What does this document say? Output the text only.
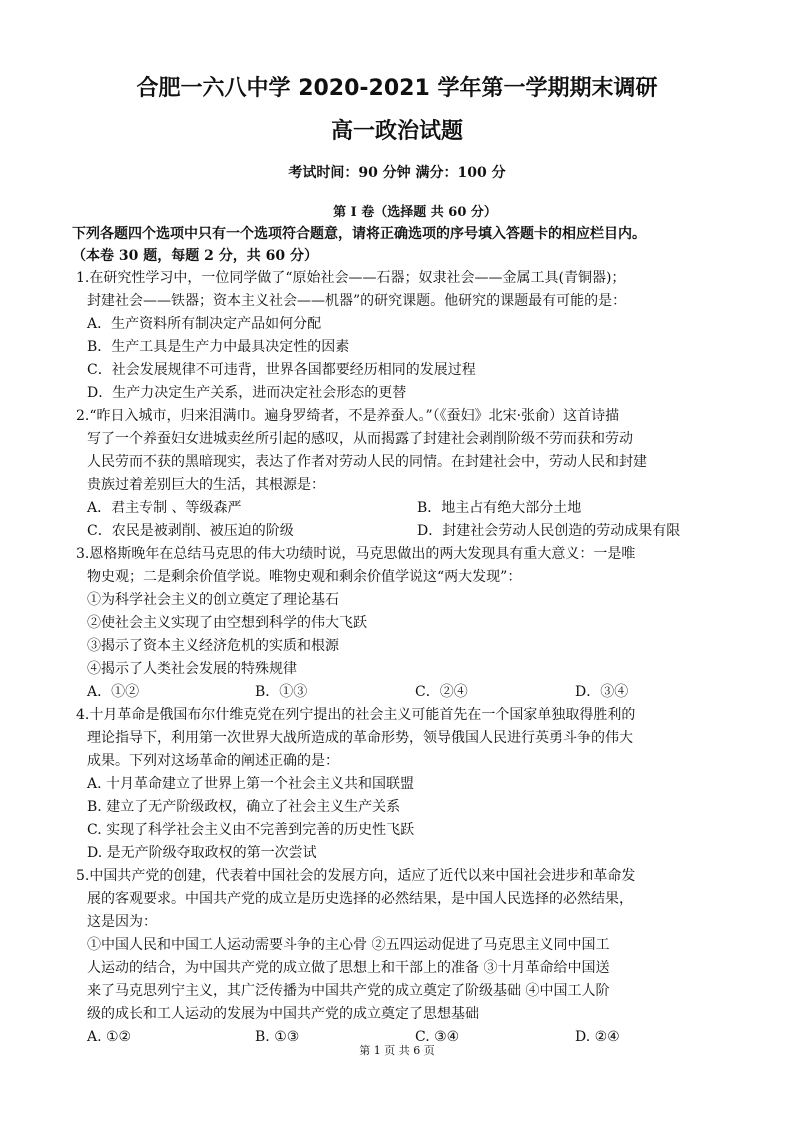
合肥一六八中学 2020-2021 学年第一学期期末调研
高一政治试题
考试时间：90 分钟 满分：100 分
第 I 卷（选择题 共 60 分）
下列各题四个选项中只有一个选项符合题意，请将正确选项的序号填入答题卡的相应栏目内。
（本卷 30 题，每题 2 分，共 60 分）
1.在研究性学习中，一位同学做了“原始社会——石器；奴隶社会——金属工具(青铜器)；
封建社会——铁器；资本主义社会——机器”的研究课题。他研究的课题最有可能的是：
A．生产资料所有制决定产品如何分配
B．生产工具是生产力中最具决定性的因素
C．社会发展规律不可违背，世界各国都要经历相同的发展过程
D．生产力决定生产关系，进而决定社会形态的更替
2.“昨日入城市，归来泪满巾。遍身罗绮者，不是养蚕人。”（《蚕妇》北宋·张俞）这首诗描
写了一个养蚕妇女进城卖丝所引起的感叹，从而揭露了封建社会剥削阶级不劳而获和劳动
人民劳而不获的黑暗现实，表达了作者对劳动人民的同情。在封建社会中，劳动人民和封建
贵族过着差别巨大的生活，其根源是：
A．君主专制 、等级森严	B．地主占有绝大部分土地
C．农民是被剥削、被压迫的阶级	D．封建社会劳动人民创造的劳动成果有限
3.恩格斯晚年在总结马克思的伟大功绩时说，马克思做出的两大发现具有重大意义：一是唯
物史观；二是剩余价值学说。唯物史观和剩余价值学说这“两大发现”：
①为科学社会主义的创立奠定了理论基石
②使社会主义实现了由空想到科学的伟大飞跃
③揭示了资本主义经济危机的实质和根源
④揭示了人类社会发展的特殊规律
A．①②	B．①③	C．②④	D．③④
4.十月革命是俄国布尔什维克党在列宁提出的社会主义可能首先在一个国家单独取得胜利的
理论指导下，利用第一次世界大战所造成的革命形势，领导俄国人民进行英勇斗争的伟大
成果。下列对这场革命的阐述正确的是：
A. 十月革命建立了世界上第一个社会主义共和国联盟
B. 建立了无产阶级政权，确立了社会主义生产关系
C. 实现了科学社会主义由不完善到完善的历史性飞跃
D. 是无产阶级夺取政权的第一次尝试
5.中国共产党的创建，代表着中国社会的发展方向，适应了近代以来中国社会进步和革命发
展的客观要求。中国共产党的成立是历史选择的必然结果，是中国人民选择的必然结果，
这是因为：
①中国人民和中国工人运动需要斗争的主心骨 ②五四运动促进了马克思主义同中国工
人运动的结合，为中国共产党的成立做了思想上和干部上的准备 ③十月革命给中国送
来了马克思列宁主义，其广泛传播为中国共产党的成立奠定了阶级基础 ④中国工人阶
级的成长和工人运动的发展为中国共产党的成立奠定了思想基础
A. ①②	B. ①③	C. ③④	D. ②④
第 1 页 共 6 页
